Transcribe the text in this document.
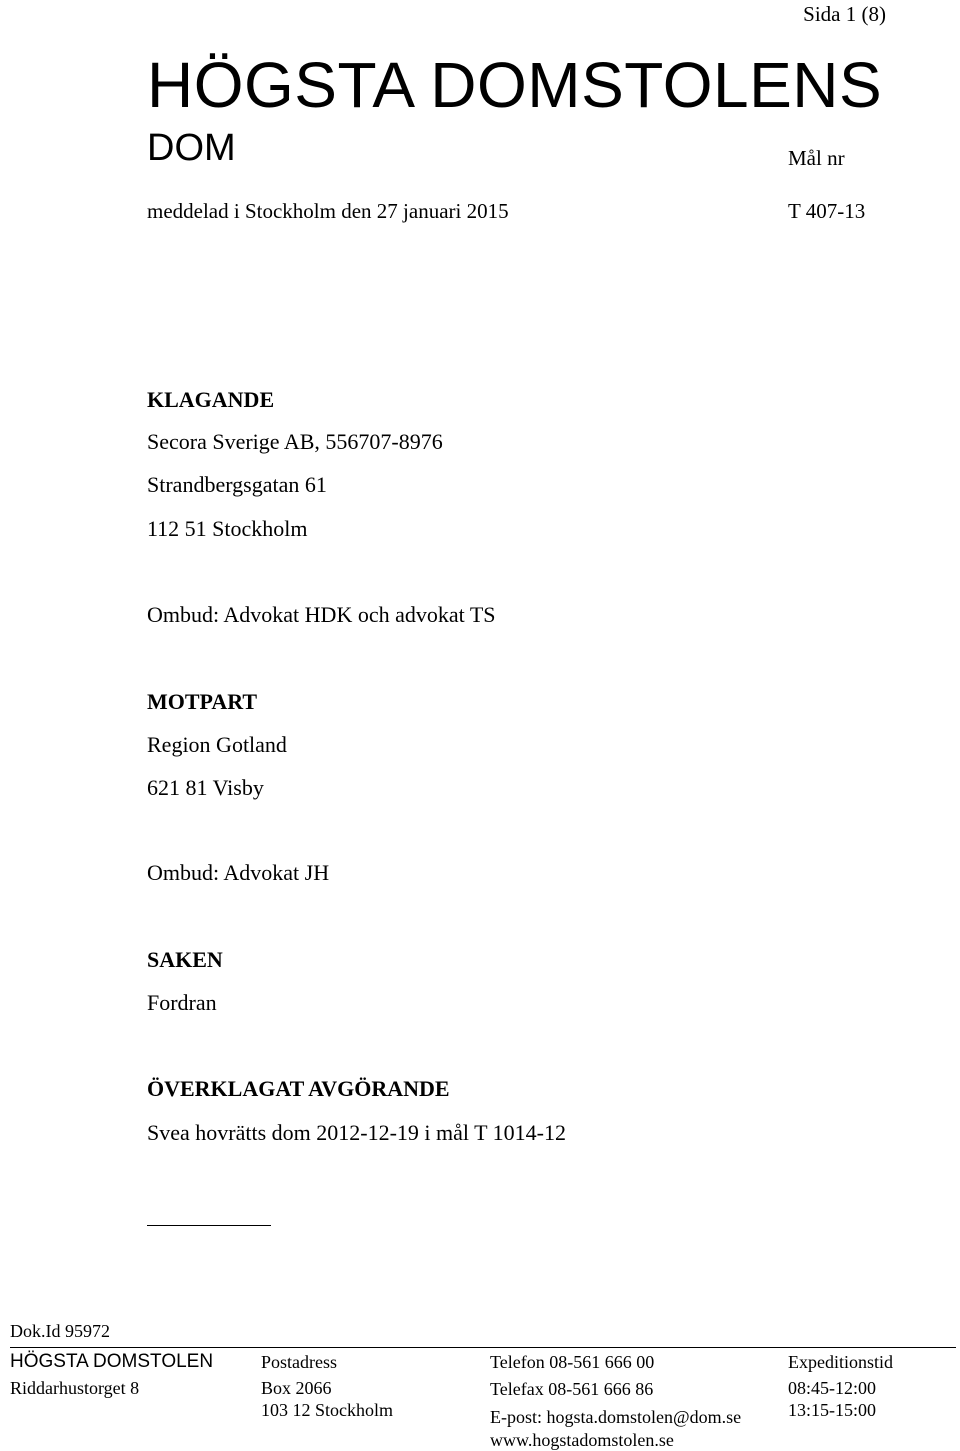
Sida 1 (8)
HÖGSTA DOMSTOLENS
DOM	Mål nr
meddelad i Stockholm den 27 januari 2015	T 407-13
KLAGANDE
Secora Sverige AB, 556707-8976
Strandbergsgatan 61
112 51 Stockholm
Ombud: Advokat HDK och advokat TS
MOTPART
Region Gotland
621 81 Visby
Ombud: Advokat JH
SAKEN
Fordran
ÖVERKLAGAT AVGÖRANDE
Svea hovrätts dom 2012-12-19 i mål T 1014-12
Dok.Id 95972
HÖGSTA DOMSTOLEN
Riddarhustorget 8
Postadress
Box 2066
103 12 Stockholm
Telefon 08-561 666 00
Telefax 08-561 666 86
E-post: hogsta.domstolen@dom.se
www.hogstadomstolen.se
Expeditionstid
08:45-12:00
13:15-15:00
